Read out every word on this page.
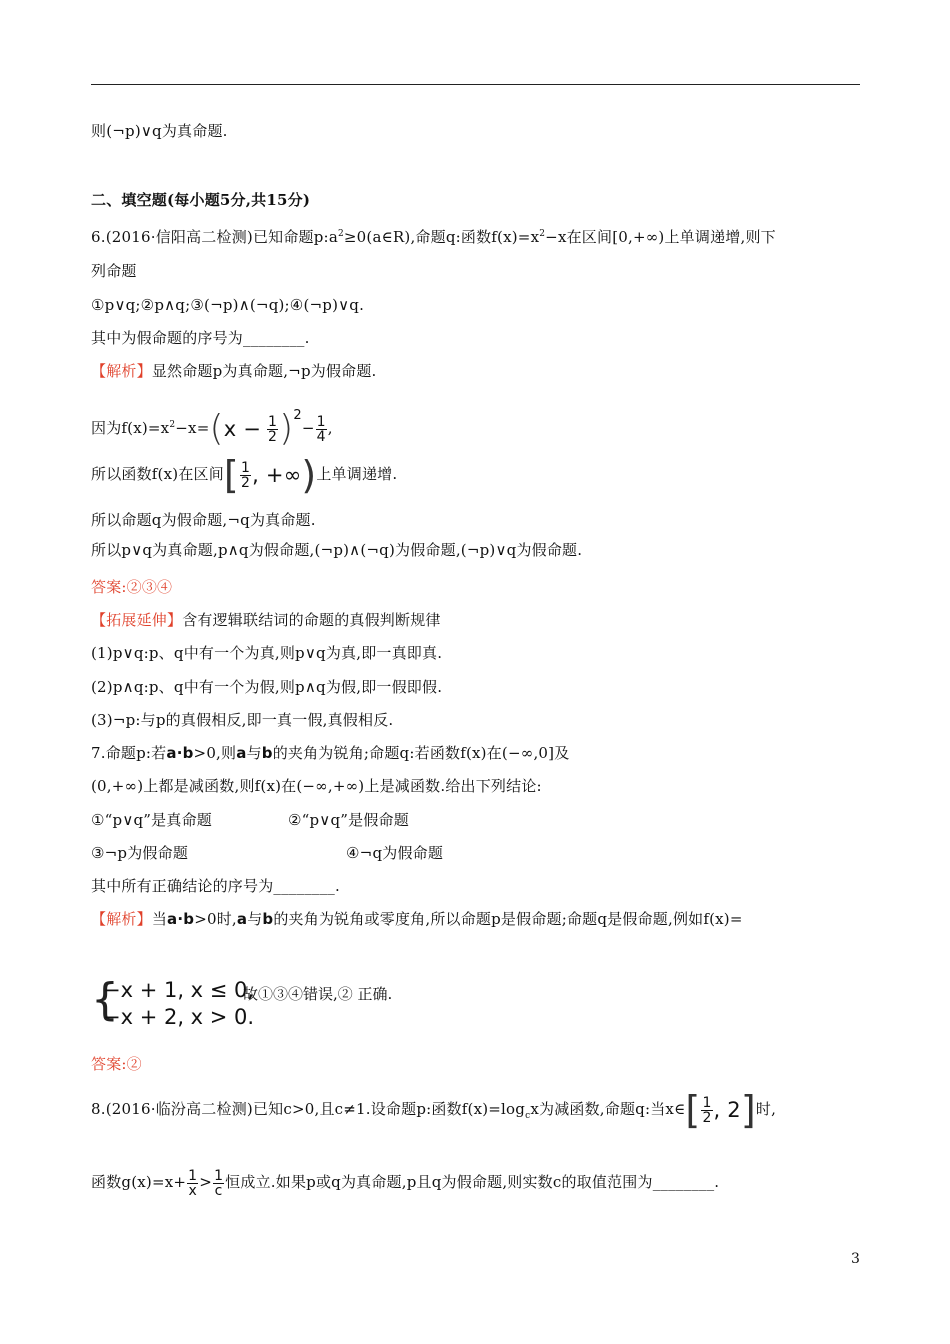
则(¬p)∨q为真命题.
二、填空题(每小题5分,共15分)
6.(2016·信阳高二检测)已知命题$p:a^2\ge 0(a\in R)$,命题q:函数$f(x)=x^2-x$在区间[0,+∞)上单调递增,则下
列命题
①p∨q;②p∧q;③(¬p)∧(¬q);④(¬p)∨q.
其中为假命题的序号为________.
【解析】显然命题p为真命题,¬p为假命题.
因为$f(x)=x^2-x=(x - \frac{1}{2} )^2- \frac{1}{4}$ ,
所以函数f(x)在区间[ $\frac{1}{2}$ , +∞)上单调递增.
所以命题q为假命题,¬q为真命题.
所以p∨q为真命题,p∧q为假命题,(¬p)∧(¬q)为假命题,(¬p)∨q为假命题.
答案:②③④
【拓展延伸】含有逻辑联结词的命题的真假判断规律
(1)p∨q:p、q中有一个为真,则p∨q为真,即一真即真.
(2)p∧q:p、q中有一个为假,则p∧q为假,即一假即假.
(3)¬p:与p的真假相反,即一真一假,真假相反.
7.命题p:若a·b>0,则a与b的夹角为锐角;命题q:若函数f(x)在(−∞,0]及
(0,+∞)上都是减函数,则f(x)在(−∞,+∞)上是减函数.给出下列结论:
①“p∨q”是真命题	②“p∨q”是假命题
③¬p为假命题	④¬q为假命题
其中所有正确结论的序号为________.
【解析】当a·b>0时,a与b的夹角为锐角或零度角,所以命题p是假命题;命题q是假命题,例如f(x)=
{
−x + 1, x ≤ 0,
−x + 2, x > 0.
故①③④错误,② 正确.
答案:②
8.(2016·临汾高二检测)已知c>0,且c≠1.设命题p:函数$f(x)=\log_cx$为减函数,命题q:当x∈[ $\frac{1}{2}$ , 2]时,
函数$g(x)=x+ \frac{1}{x} > \frac{1}{c}$ 恒成立.如果p或q为真命题,p且q为假命题,则实数c的取值范围为________.
3
